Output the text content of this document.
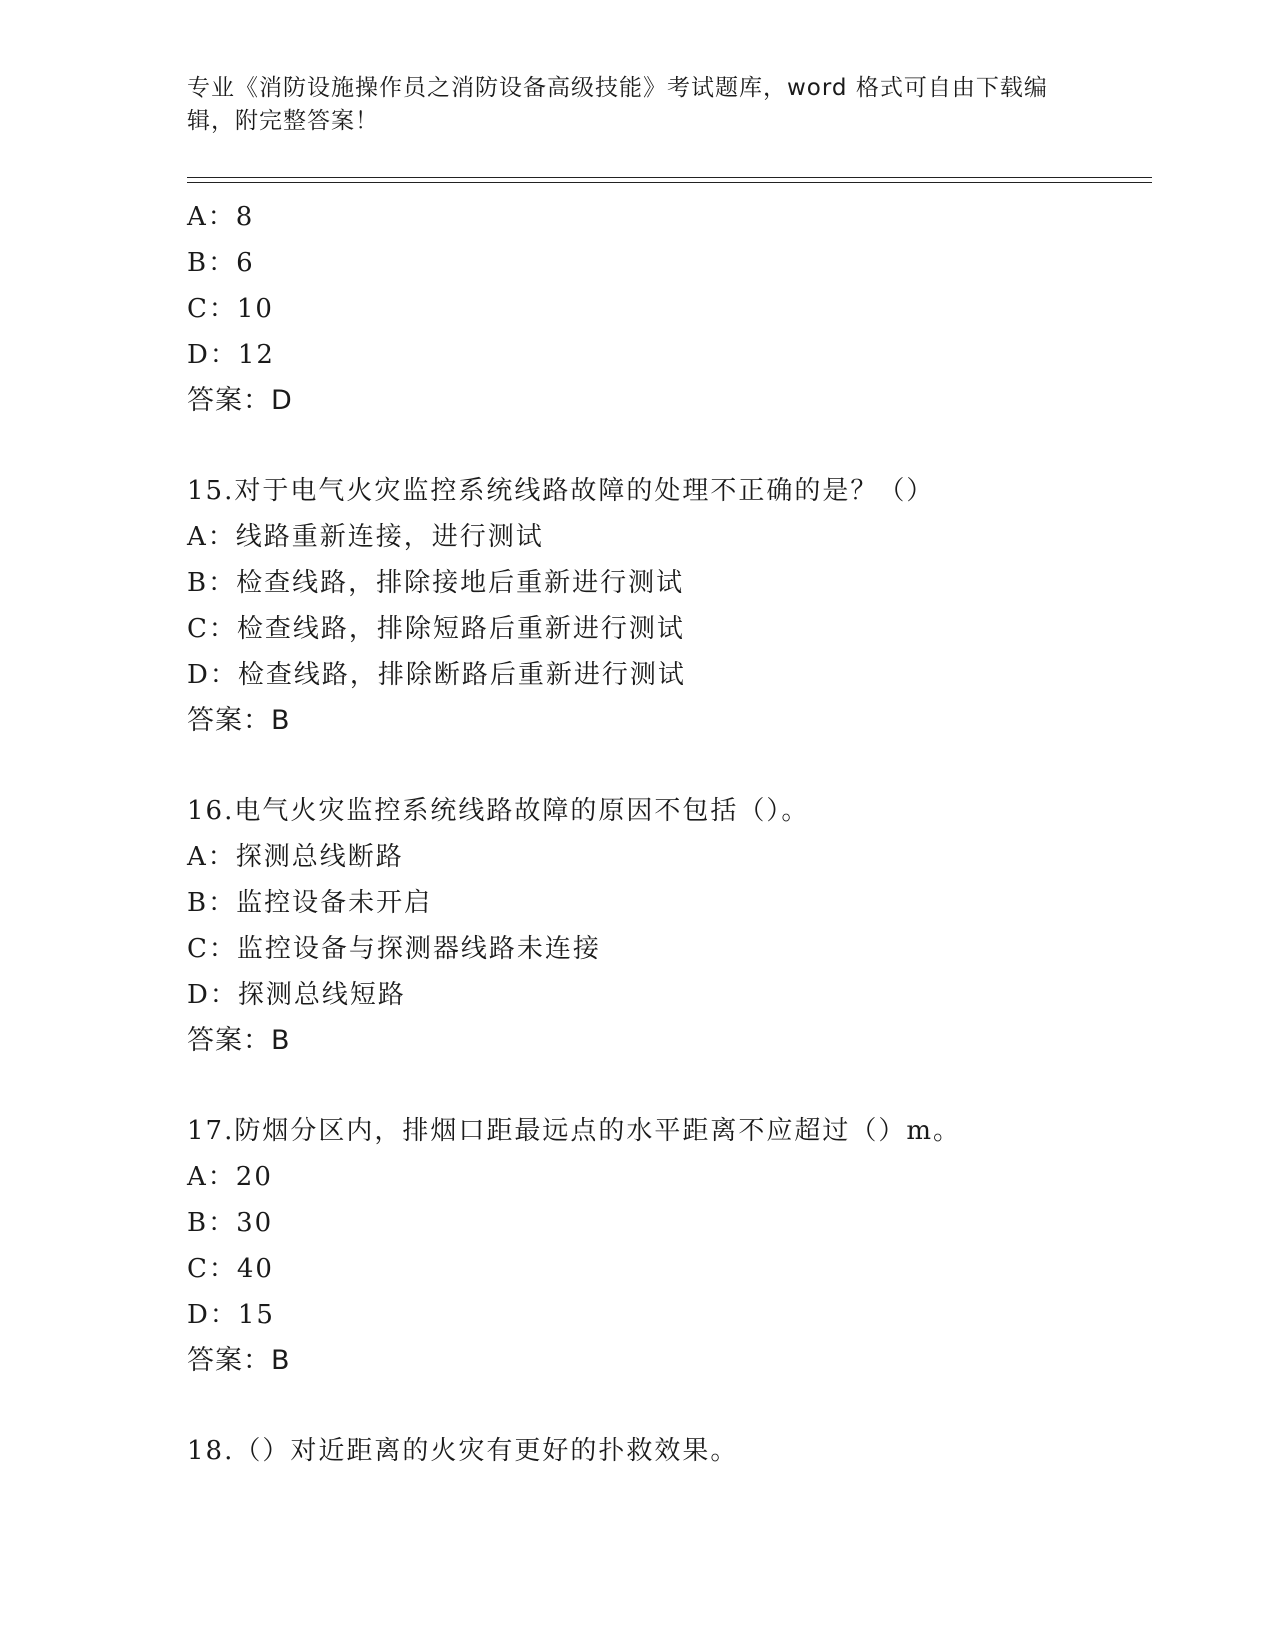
专业《消防设施操作员之消防设备高级技能》考试题库，word 格式可自由下载编
辑，附完整答案！
A：8
B：6
C：10
D：12
答案：D
15.对于电气火灾监控系统线路故障的处理不正确的是？（）
A：线路重新连接，进行测试
B：检查线路，排除接地后重新进行测试
C：检查线路，排除短路后重新进行测试
D：检查线路，排除断路后重新进行测试
答案：B
16.电气火灾监控系统线路故障的原因不包括（）。
A：探测总线断路
B：监控设备未开启
C：监控设备与探测器线路未连接
D：探测总线短路
答案：B
17.防烟分区内，排烟口距最远点的水平距离不应超过（）m。
A：20
B：30
C：40
D：15
答案：B
18.（）对近距离的火灾有更好的扑救效果。
